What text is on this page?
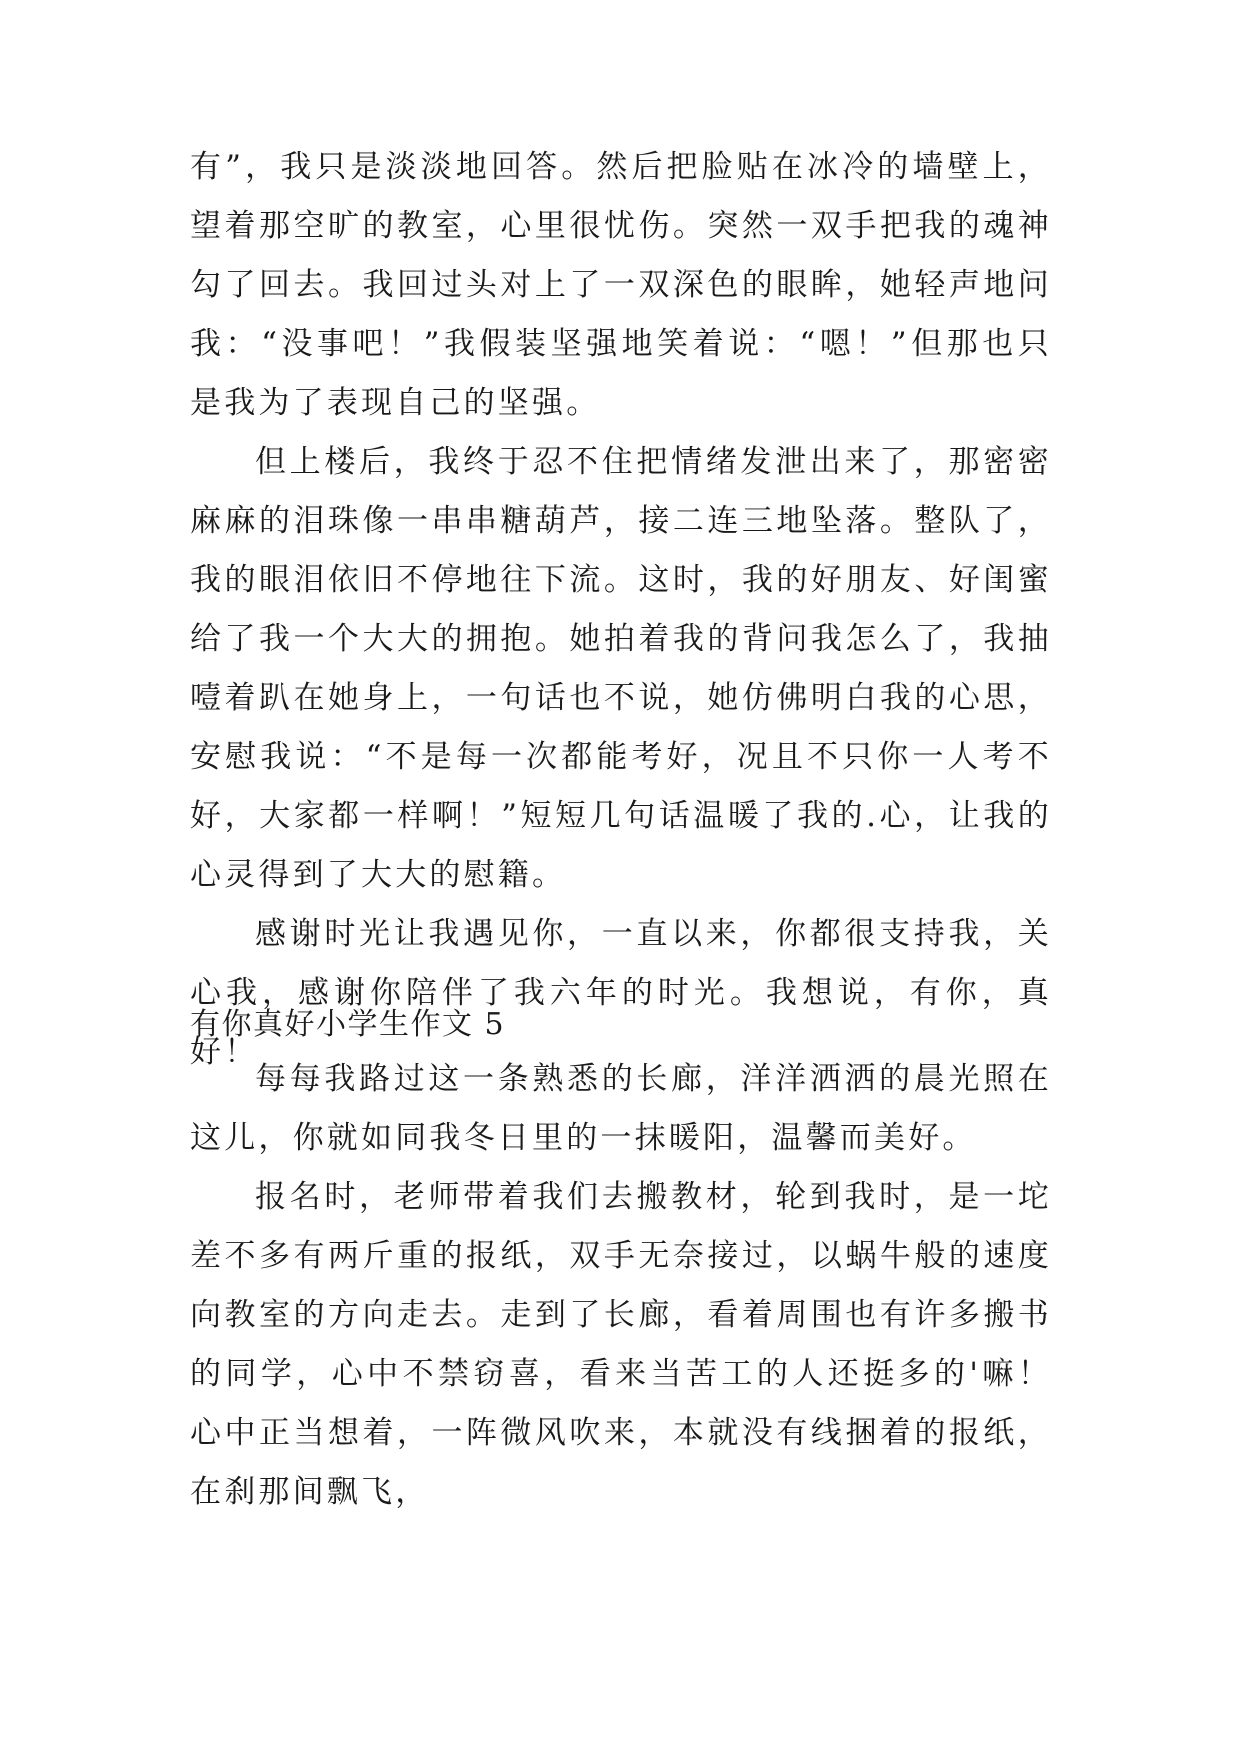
有”，我只是淡淡地回答。然后把脸贴在冰冷的墙壁上，望着那空旷的教室，心里很忧伤。突然一双手把我的魂神勾了回去。我回过头对上了一双深色的眼眸，她轻声地问我：“没事吧！”我假装坚强地笑着说：“嗯！”但那也只是我为了表现自己的坚强。

但上楼后，我终于忍不住把情绪发泄出来了，那密密麻麻的泪珠像一串串糖葫芦，接二连三地坠落。整队了，我的眼泪依旧不停地往下流。这时，我的好朋友、好闺蜜给了我一个大大的拥抱。她拍着我的背问我怎么了，我抽噎着趴在她身上，一句话也不说，她仿佛明白我的心思，安慰我说：“不是每一次都能考好，况且不只你一人考不好，大家都一样啊！”短短几句话温暖了我的.心，让我的心灵得到了大大的慰籍。

感谢时光让我遇见你，一直以来，你都很支持我，关心我，感谢你陪伴了我六年的时光。我想说，有你，真好！

有你真好小学生作文 5

每每我路过这一条熟悉的长廊，洋洋洒洒的晨光照在这儿，你就如同我冬日里的一抹暖阳，温馨而美好。

报名时，老师带着我们去搬教材，轮到我时，是一坨差不多有两斤重的报纸，双手无奈接过，以蜗牛般的速度向教室的方向走去。走到了长廊，看着周围也有许多搬书的同学，心中不禁窃喜，看来当苦工的人还挺多的'嘛！心中正当想着，一阵微风吹来，本就没有线捆着的报纸，在刹那间飘飞，
